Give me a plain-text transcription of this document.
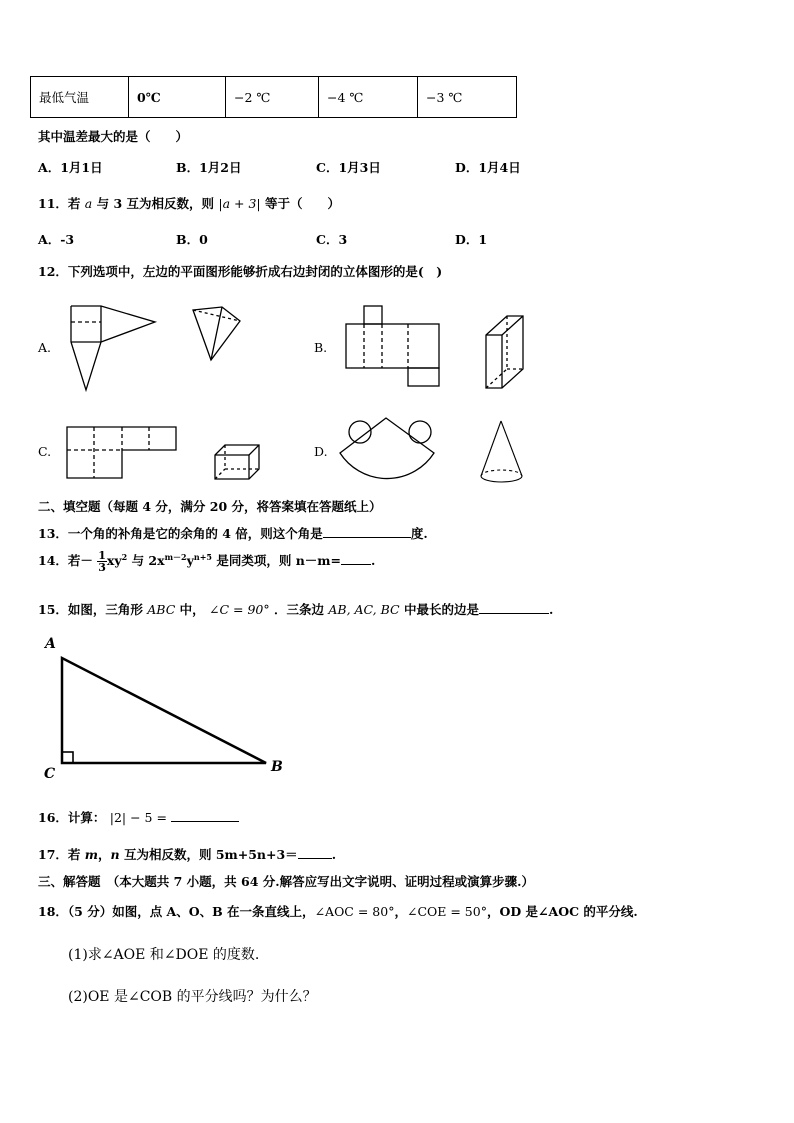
最低气温	0℃	−2 ℃	−4 ℃	−3 ℃
其中温差最大的是（　　）
A．1月1日	B．1月2日	C．1月3日	D．1月4日
11．若 a 与 3 互为相反数，则 |a + 3| 等于（　　）
A．-3	B．0	C．3	D．1
12．下列选项中，左边的平面图形能够折成右边封闭的立体图形的是(　)
A.	B.
C.	D.
A
C	B
二、填空题（每题 4 分，满分 20 分，将答案填在答题纸上）
13．一个角的补角是它的余角的 4 倍，则这个角是	度.
14．若－ $\frac{1}{3} xy^2$ 与 $2x^{m-2}y^{n+5}$ 是同类项，则 n－m= .
15．如图，三角形 ABC 中， ∠C = 90° ．三条边 AB, AC, BC 中最长的边是	.
16．计算： |2| − 5 =
17．若 m，n 互为相反数，则 5m+5n+3＝	.
三、解答题　（本大题共 7 小题，共 64 分.解答应写出文字说明、证明过程或演算步骤.）
18．（5 分）如图，点 A、O、B 在一条直线上，∠AOC = 80°，∠COE = 50°，OD 是∠AOC 的平分线.
(1)求∠AOE 和∠DOE 的度数.
(2)OE 是∠COB 的平分线吗？为什么？
